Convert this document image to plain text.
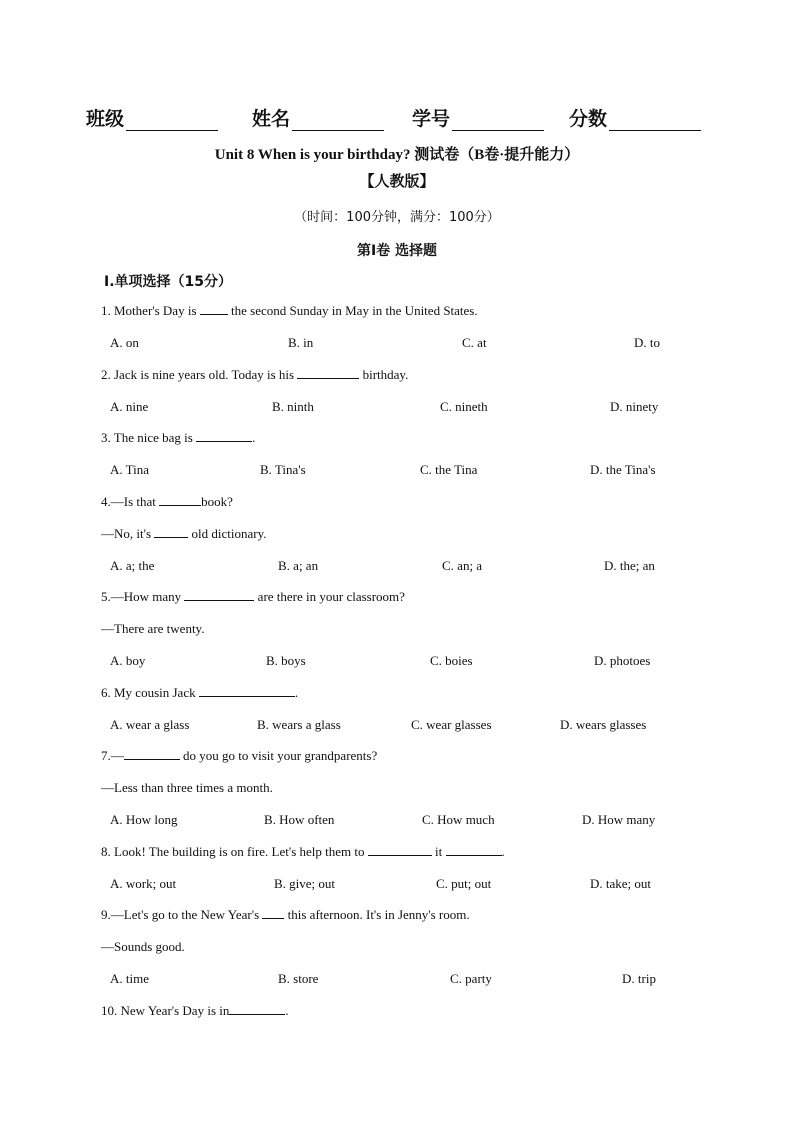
班级	姓名	学号	分数
Unit 8 When is your birthday? 测试卷（B卷·提升能力）
【人教版】
（时间：100分钟，满分：100分）
第Ⅰ卷 选择题
Ⅰ.单项选择（15分）
1. Mother's Day is  the second Sunday in May in the United States.
A. on	B. in	C. at	D. to
2. Jack is nine years old. Today is his	birthday.
A. nine	B. ninth	C. nineth	D. ninety
3. The nice bag is	.
A. Tina	B. Tina's	C. the Tina	D. the Tina's
4.—Is that	book?
—No, it's	old dictionary.
A. a; the	B. a; an	C. an; a	D. the; an
5.—How many	are there in your classroom?
—There are twenty.
A. boy	B. boys	C. boies	D. photoes
6. My cousin Jack	.
A. wear a glass	B. wears a glass	C. wear glasses	D. wears glasses
7.—	do you go to visit your grandparents?
—Less than three times a month.
A. How long	B. How often	C. How much	D. How many
8. Look! The building is on fire. Let's help them to	it	.
A. work; out	B. give; out	C. put; out	D. take; out
9.—Let's go to the New Year's  this afternoon. It's in Jenny's room.
—Sounds good.
A. time	B. store	C. party	D. trip
10. New Year's Day is in	.
